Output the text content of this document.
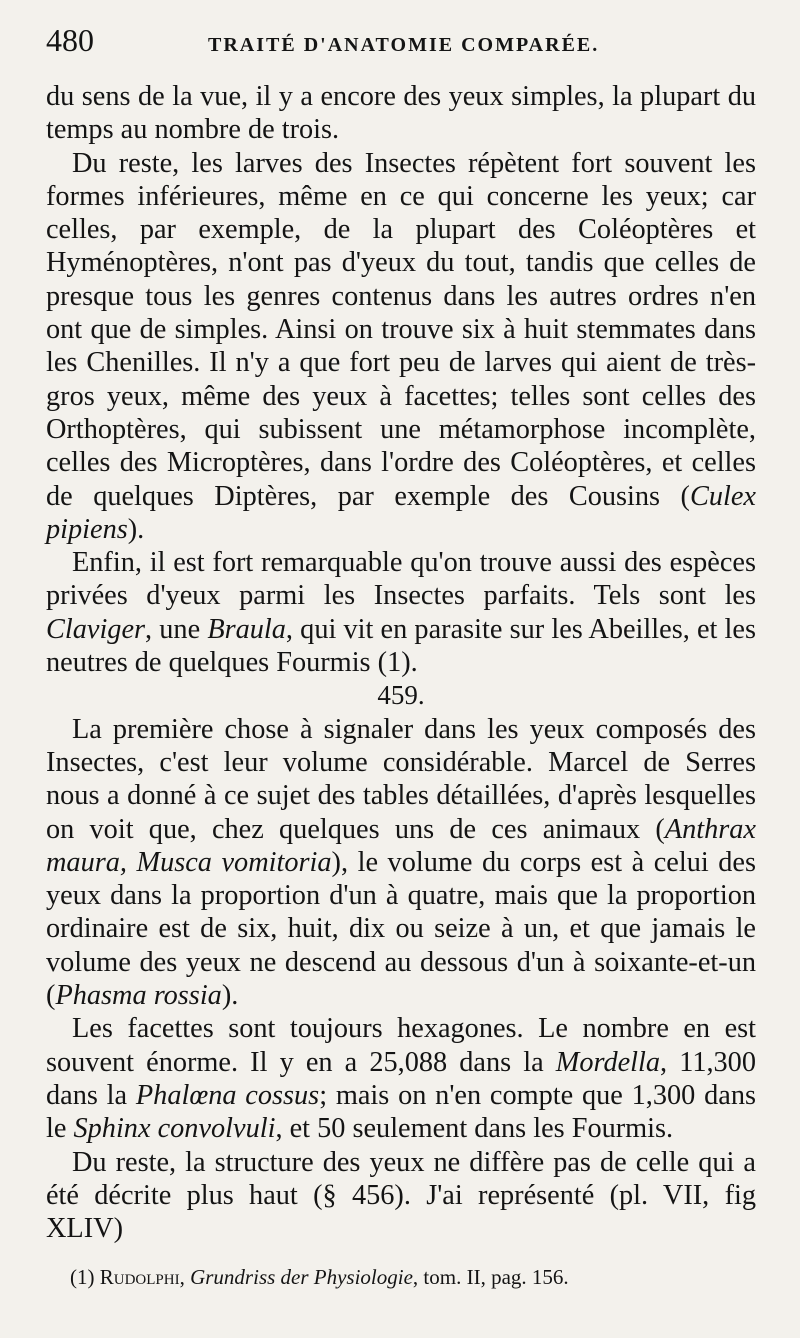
480	TRAITÉ D'ANATOMIE COMPARÉE.

du sens de la vue, il y a encore des yeux simples, la plupart du temps au nombre de trois.

Du reste, les larves des Insectes répètent fort souvent les formes inférieures, même en ce qui concerne les yeux; car celles, par exemple, de la plupart des Coléoptères et Hyménoptères, n'ont pas d'yeux du tout, tandis que celles de presque tous les genres contenus dans les autres ordres n'en ont que de simples. Ainsi on trouve six à huit stemmates dans les Chenilles. Il n'y a que fort peu de larves qui aient de très-gros yeux, même des yeux à facettes; telles sont celles des Orthoptères, qui subissent une métamorphose incomplète, celles des Microptères, dans l'ordre des Coléoptères, et celles de quelques Diptères, par exemple des Cousins (Culex pipiens).

Enfin, il est fort remarquable qu'on trouve aussi des espèces privées d'yeux parmi les Insectes parfaits. Tels sont les Claviger, une Braula, qui vit en parasite sur les Abeilles, et les neutres de quelques Fourmis (1).

459.

La première chose à signaler dans les yeux composés des Insectes, c'est leur volume considérable. Marcel de Serres nous a donné à ce sujet des tables détaillées, d'après lesquelles on voit que, chez quelques uns de ces animaux (Anthrax maura, Musca vomitoria), le volume du corps est à celui des yeux dans la proportion d'un à quatre, mais que la proportion ordinaire est de six, huit, dix ou seize à un, et que jamais le volume des yeux ne descend au dessous d'un à soixante-et-un (Phasma rossia).

Les facettes sont toujours hexagones. Le nombre en est souvent énorme. Il y en a 25,088 dans la Mordella, 11,300 dans la Phalœna cossus; mais on n'en compte que 1,300 dans le Sphinx convolvuli, et 50 seulement dans les Fourmis.

Du reste, la structure des yeux ne diffère pas de celle qui a été décrite plus haut (§ 456). J'ai représenté (pl. VII, fig XLIV)

(1) Rudolphi, Grundriss der Physiologie, tom. II, pag. 156.
